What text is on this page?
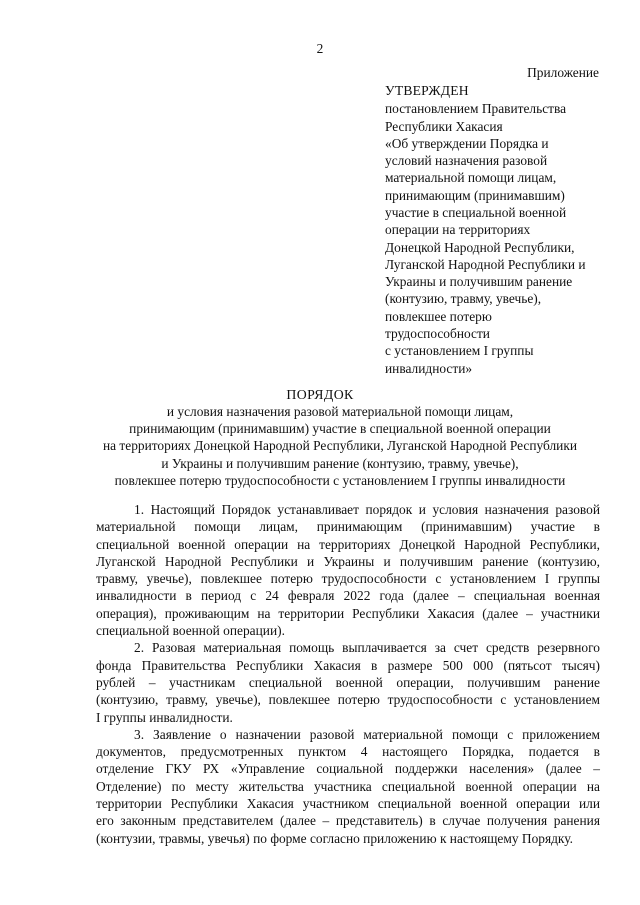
2
Приложение
УТВЕРЖДЕН
постановлением Правительства
Республики Хакасия
«Об утверждении Порядка и
условий назначения разовой
материальной помощи лицам,
принимающим (принимавшим)
участие в специальной военной
операции на территориях
Донецкой Народной Республики,
Луганской Народной Республики и
Украины и получившим ранение
(контузию, травму, увечье),
повлекшее потерю
трудоспособности
с установлением I группы
инвалидности»
ПОРЯДОК
и условия назначения разовой материальной помощи лицам,
принимающим (принимавшим) участие в специальной военной операции
на территориях Донецкой Народной Республики, Луганской Народной Республики
и Украины и получившим ранение (контузию, травму, увечье),
повлекшее потерю трудоспособности с установлением I группы инвалидности
1. Настоящий Порядок устанавливает порядок и условия назначения разовой
материальной помощи лицам, принимающим (принимавшим) участие в
специальной военной операции на территориях Донецкой Народной Республики,
Луганской Народной Республики и Украины и получившим ранение (контузию,
травму, увечье), повлекшее потерю трудоспособности с установлением I группы
инвалидности в период с 24 февраля 2022 года (далее – специальная военная
операция), проживающим на территории Республики Хакасия (далее – участники
специальной военной операции).
2. Разовая материальная помощь выплачивается за счет средств резервного
фонда Правительства Республики Хакасия в размере 500 000 (пятьсот тысяч)
рублей – участникам специальной военной операции, получившим ранение
(контузию, травму, увечье), повлекшее потерю трудоспособности с установлением
I группы инвалидности.
3. Заявление о назначении разовой материальной помощи с приложением
документов, предусмотренных пунктом 4 настоящего Порядка, подается в
отделение ГКУ РХ «Управление социальной поддержки населения» (далее –
Отделение) по месту жительства участника специальной военной операции на
территории Республики Хакасия участником специальной военной операции или
его законным представителем (далее – представитель) в случае получения ранения
(контузии, травмы, увечья) по форме согласно приложению к настоящему Порядку.
